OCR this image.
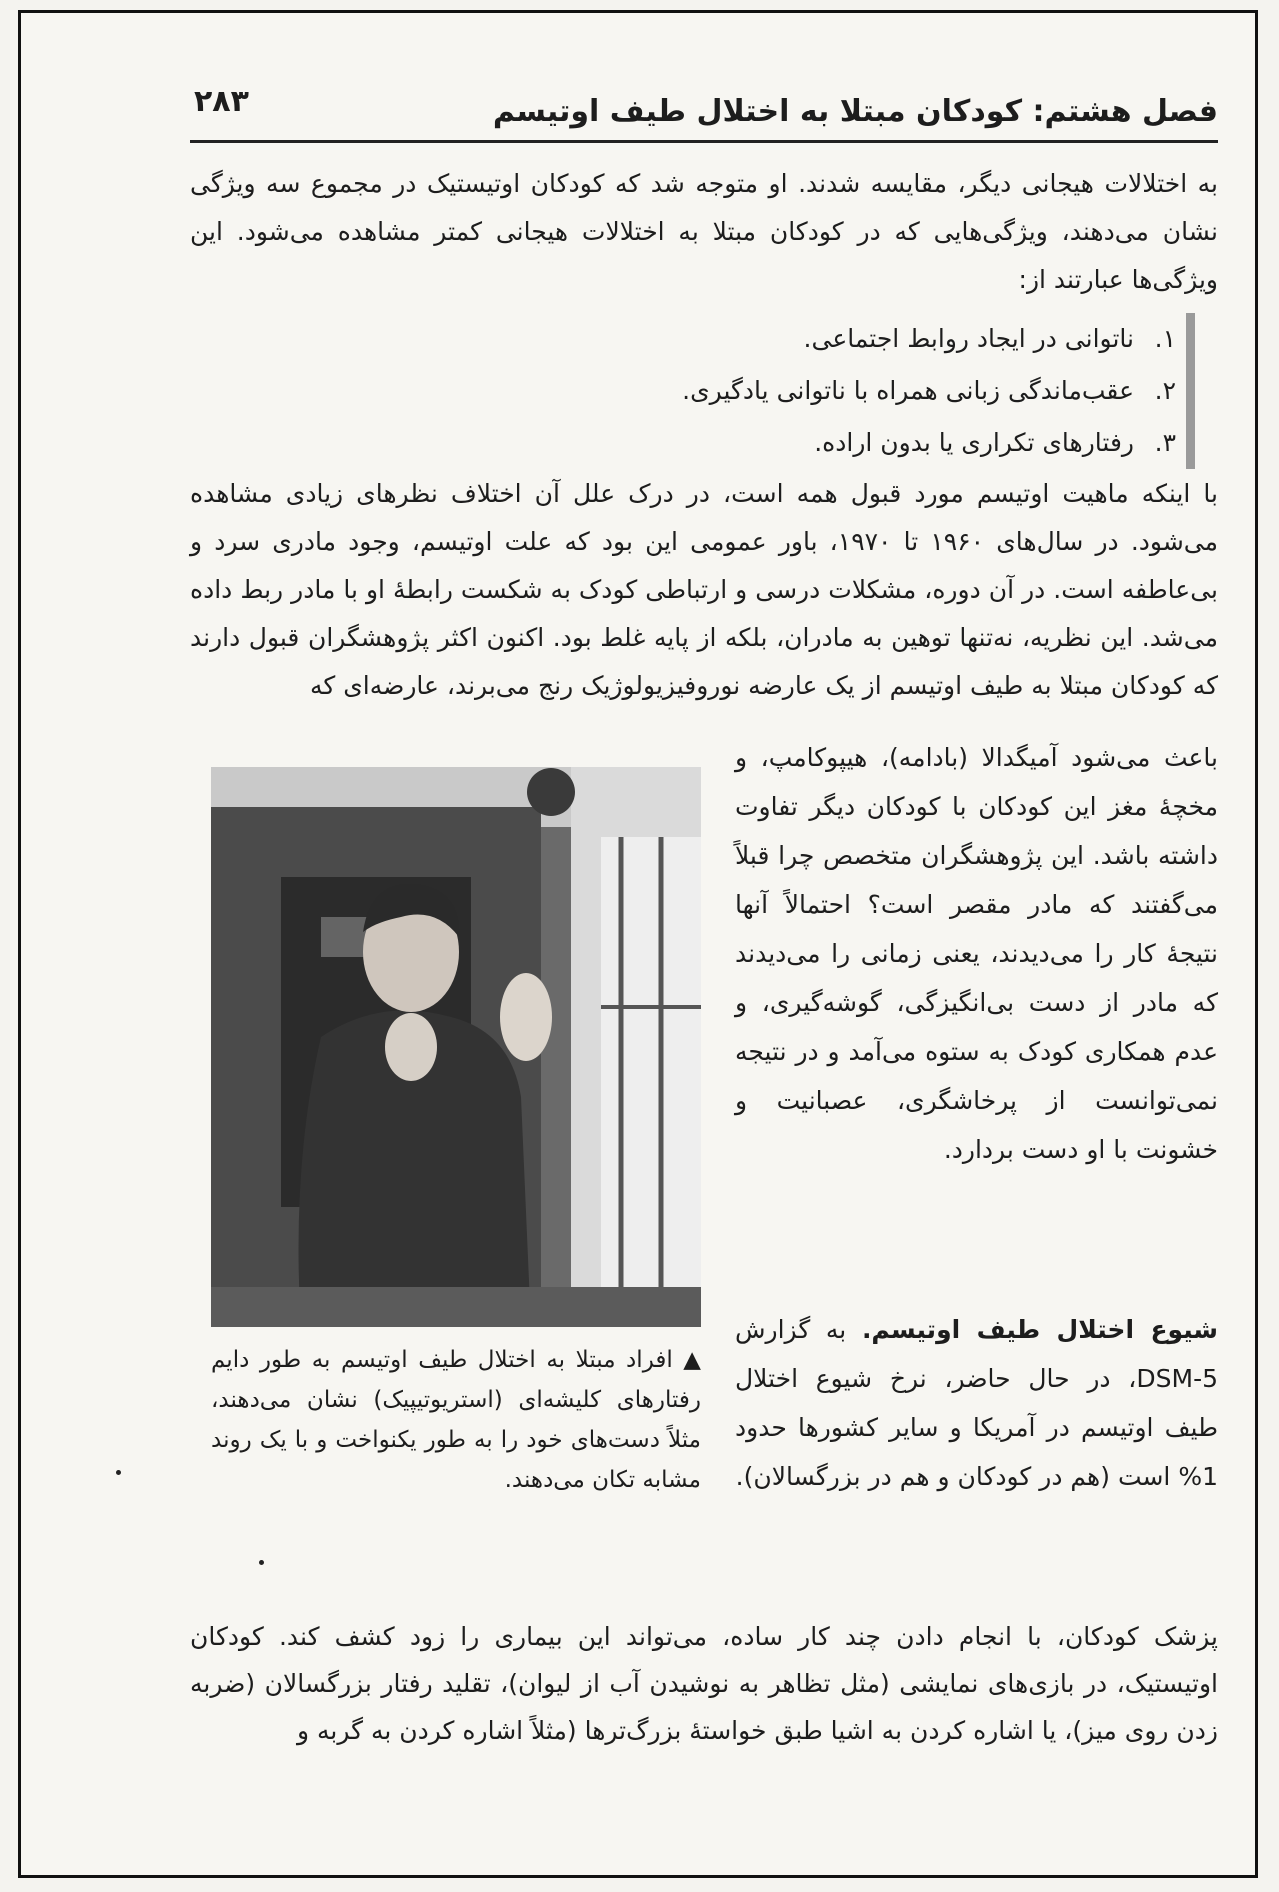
۲۸۳	فصل هشتم: کودکان مبتلا به اختلال طیف اوتیسم
به اختلالات هیجانی دیگر، مقایسه شدند. او متوجه شد که کودکان اوتیستیک در مجموع سه ویژگی نشان می‌دهند، ویژگی‌هایی که در کودکان مبتلا به اختلالات هیجانی کمتر مشاهده می‌شود. این ویژگی‌ها عبارتند از:
۱.ناتوانی در ایجاد روابط اجتماعی.
۲.عقب‌ماندگی زبانی همراه با ناتوانی یادگیری.
۳.رفتارهای تکراری یا بدون اراده.
با اینکه ماهیت اوتیسم مورد قبول همه است، در درک علل آن اختلاف نظرهای زیادی مشاهده می‌شود. در سال‌های ۱۹۶۰ تا ۱۹۷۰، باور عمومی این بود که علت اوتیسم، وجود مادری سرد و بی‌عاطفه است. در آن دوره، مشکلات درسی و ارتباطی کودک به شکست رابطهٔ او با مادر ربط داده می‌شد. این نظریه، نه‌تنها توهین به مادران، بلکه از پایه غلط بود. اکنون اکثر پژوهشگران قبول دارند که کودکان مبتلا به طیف اوتیسم از یک عارضه نوروفیزیولوژیک رنج می‌برند، عارضه‌ای که
▲ افراد مبتلا به اختلال طیف اوتیسم به طور دایم رفتارهای کلیشه‌ای (استریوتیپیک) نشان می‌دهند، مثلاً دست‌های خود را به طور یکنواخت و با یک روند مشابه تکان می‌دهند.
باعث می‌شود آمیگدالا (بادامه)، هیپوکامپ، و مخچهٔ مغز این کودکان با کودکان دیگر تفاوت داشته باشد. این پژوهشگران متخصص چرا قبلاً می‌گفتند که مادر مقصر است؟ احتمالاً آنها نتیجهٔ کار را می‌دیدند، یعنی زمانی را می‌دیدند که مادر از دست بی‌انگیزگی، گوشه‌گیری، و عدم همکاری کودک به ستوه می‌آمد و در نتیجه نمی‌توانست از پرخاشگری، عصبانیت و خشونت با او دست بردارد.
شیوع اختلال طیف اوتیسم. به گزارش DSM-5، در حال حاضر، نرخ شیوع اختلال طیف اوتیسم در آمریکا و سایر کشورها حدود 1% است (هم در کودکان و هم در بزرگسالان).
پزشک کودکان، با انجام دادن چند کار ساده، می‌تواند این بیماری را زود کشف کند. کودکان اوتیستیک، در بازی‌های نمایشی (مثل تظاهر به نوشیدن آب از لیوان)، تقلید رفتار بزرگسالان (ضربه زدن روی میز)، یا اشاره کردن به اشیا طبق خواستهٔ بزرگ‌ترها (مثلاً اشاره کردن به گربه و
